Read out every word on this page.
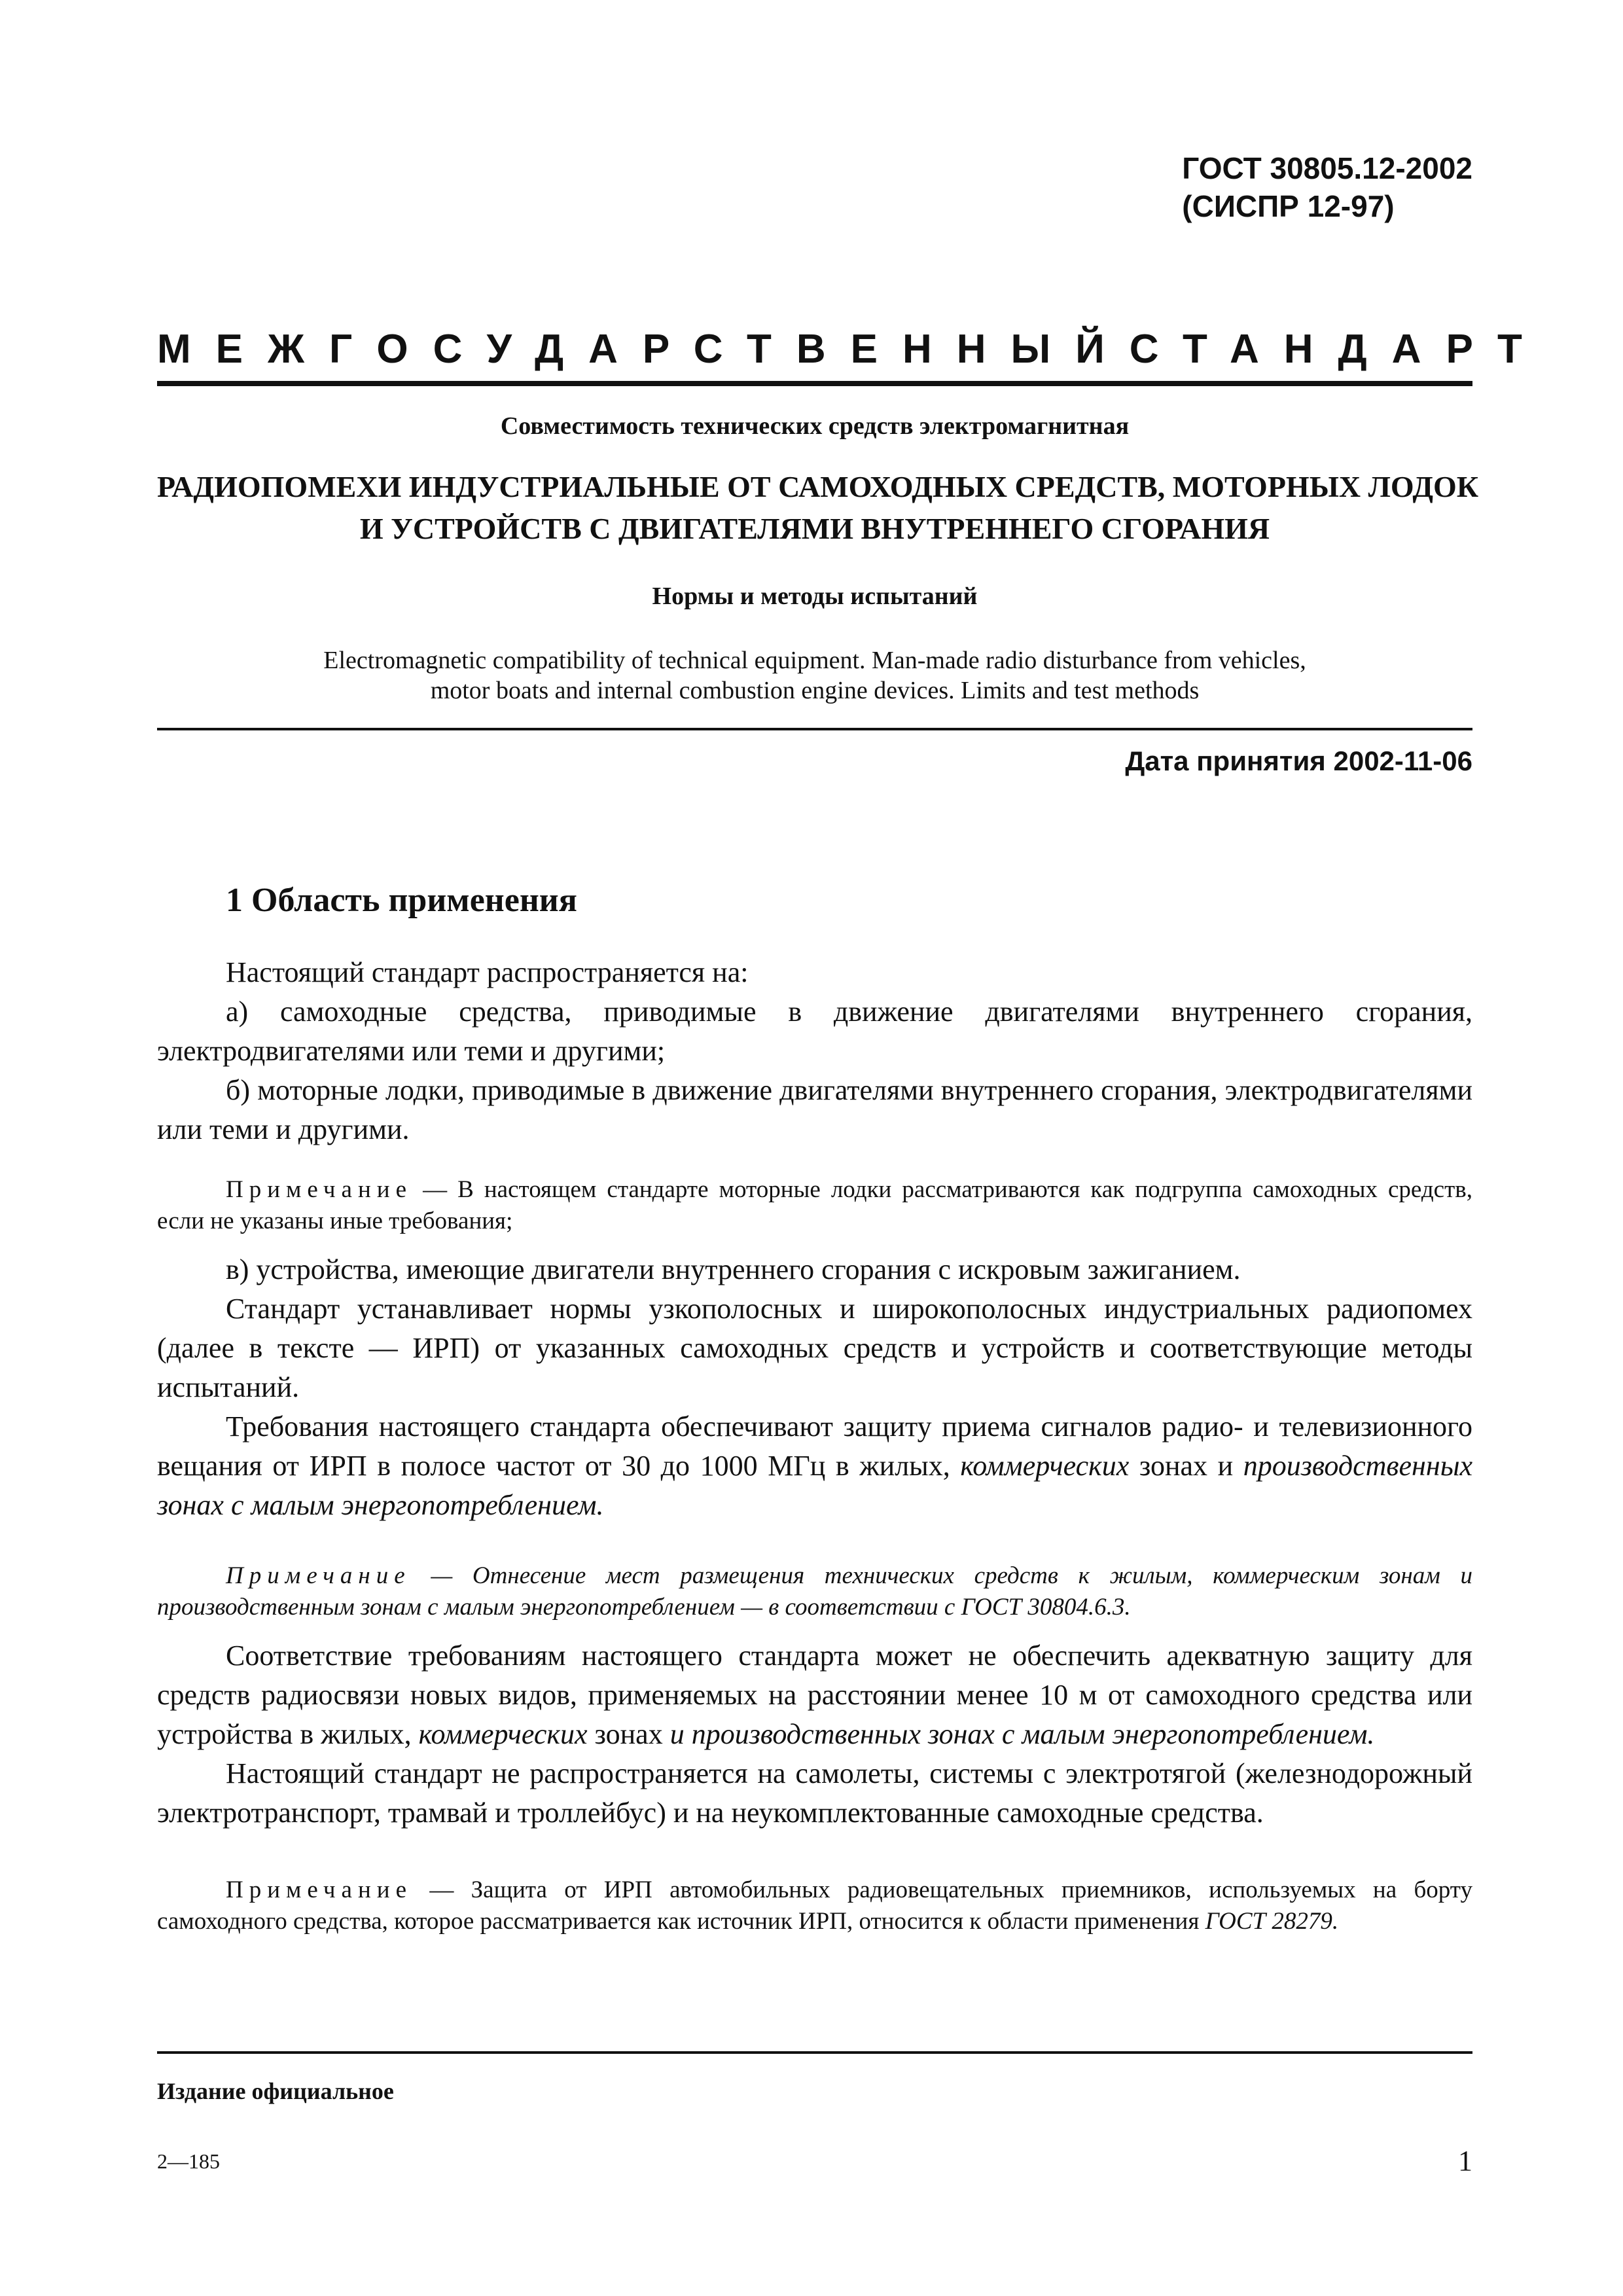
ГОСТ 30805.12-2002
(СИСПР 12-97)
МЕЖГОСУДАРСТВЕННЫЙ СТАНДАРТ
Совместимость технических средств электромагнитная
РАДИОПОМЕХИ ИНДУСТРИАЛЬНЫЕ ОТ САМОХОДНЫХ СРЕДСТВ, МОТОРНЫХ ЛОДОК
И УСТРОЙСТВ С ДВИГАТЕЛЯМИ ВНУТРЕННЕГО СГОРАНИЯ
Нормы и методы испытаний
Electromagnetic compatibility of technical equipment. Man-made radio disturbance from vehicles,
motor boats and internal combustion engine devices. Limits and test methods
Дата принятия 2002-11-06
1 Область применения

Настоящий стандарт распространяется на:

а) самоходные средства, приводимые в движение двигателями внутреннего сгорания, электродвигателями или теми и другими;

б) моторные лодки, приводимые в движение двигателями внутреннего сгорания, электродвигателями или теми и другими.

Примечание — В настоящем стандарте моторные лодки рассматриваются как подгруппа самоходных средств, если не указаны иные требования;

в) устройства, имеющие двигатели внутреннего сгорания с искровым зажиганием.

Стандарт устанавливает нормы узкополосных и широкополосных индустриальных радиопомех (далее в тексте — ИРП) от указанных самоходных средств и устройств и соответствующие методы испытаний.

Требования настоящего стандарта обеспечивают защиту приема сигналов радио- и телевизионного вещания от ИРП в полосе частот от 30 до 1000 МГц в жилых, коммерческих зонах и производственных зонах с малым энергопотреблением.

Примечание — Отнесение мест размещения технических средств к жилым, коммерческим зонам и производственным зонам с малым энергопотреблением — в соответствии с ГОСТ 30804.6.3.

Соответствие требованиям настоящего стандарта может не обеспечить адекватную защиту для средств радиосвязи новых видов, применяемых на расстоянии менее 10 м от самоходного средства или устройства в жилых, коммерческих зонах и производственных зонах с малым энергопотреблением.

Настоящий стандарт не распространяется на самолеты, системы с электротягой (железнодорожный электротранспорт, трамвай и троллейбус) и на неукомплектованные самоходные средства.

Примечание — Защита от ИРП автомобильных радиовещательных приемников, используемых на борту самоходного средства, которое рассматривается как источник ИРП, относится к области применения ГОСТ 28279.

Издание официальное
2—185	1
